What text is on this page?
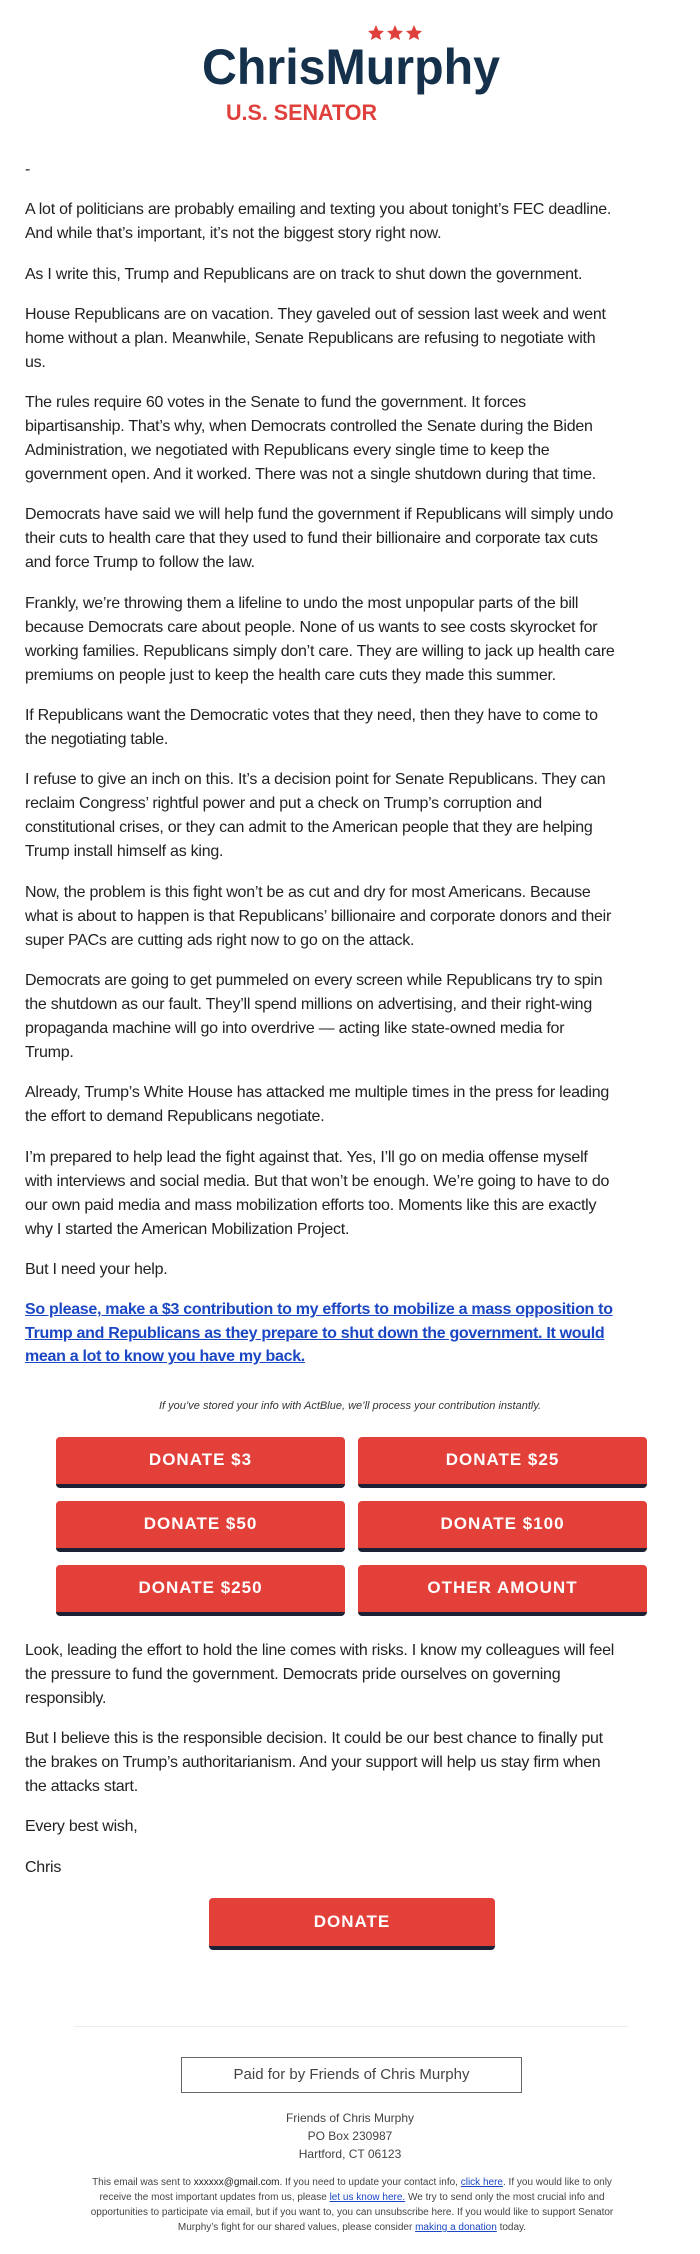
ChrisMurphy
U.S. SENATOR

-

A lot of politicians are probably emailing and texting you about tonight’s FEC deadline.
And while that’s important, it’s not the biggest story right now.

As I write this, Trump and Republicans are on track to shut down the government.

House Republicans are on vacation. They gaveled out of session last week and went
home without a plan. Meanwhile, Senate Republicans are refusing to negotiate with
us.

The rules require 60 votes in the Senate to fund the government. It forces
bipartisanship. That’s why, when Democrats controlled the Senate during the Biden
Administration, we negotiated with Republicans every single time to keep the
government open. And it worked. There was not a single shutdown during that time.

Democrats have said we will help fund the government if Republicans will simply undo
their cuts to health care that they used to fund their billionaire and corporate tax cuts
and force Trump to follow the law.

Frankly, we’re throwing them a lifeline to undo the most unpopular parts of the bill
because Democrats care about people. None of us wants to see costs skyrocket for
working families. Republicans simply don’t care. They are willing to jack up health care
premiums on people just to keep the health care cuts they made this summer.

If Republicans want the Democratic votes that they need, then they have to come to
the negotiating table.

I refuse to give an inch on this. It’s a decision point for Senate Republicans. They can
reclaim Congress’ rightful power and put a check on Trump’s corruption and
constitutional crises, or they can admit to the American people that they are helping
Trump install himself as king.

Now, the problem is this fight won’t be as cut and dry for most Americans. Because
what is about to happen is that Republicans’ billionaire and corporate donors and their
super PACs are cutting ads right now to go on the attack.

Democrats are going to get pummeled on every screen while Republicans try to spin
the shutdown as our fault. They’ll spend millions on advertising, and their right-wing
propaganda machine will go into overdrive — acting like state-owned media for
Trump.

Already, Trump’s White House has attacked me multiple times in the press for leading
the effort to demand Republicans negotiate.

I’m prepared to help lead the fight against that. Yes, I’ll go on media offense myself
with interviews and social media. But that won’t be enough. We’re going to have to do
our own paid media and mass mobilization efforts too. Moments like this are exactly
why I started the American Mobilization Project.

But I need your help.

So please, make a $3 contribution to my efforts to mobilize a mass opposition to
Trump and Republicans as they prepare to shut down the government. It would
mean a lot to know you have my back.

If you’ve stored your info with ActBlue, we’ll process your contribution instantly.
DONATE $3	DONATE $25
DONATE $50	DONATE $100
DONATE $250	OTHER AMOUNT

Look, leading the effort to hold the line comes with risks. I know my colleagues will feel
the pressure to fund the government. Democrats pride ourselves on governing
responsibly.

But I believe this is the responsible decision. It could be our best chance to finally put
the brakes on Trump’s authoritarianism. And your support will help us stay firm when
the attacks start.

Every best wish,

Chris

DONATE
Paid for by Friends of Chris Murphy
Friends of Chris Murphy
PO Box 230987
Hartford, CT 06123
This email was sent to xxxxxx@gmail.com. If you need to update your contact info, click here. If you would like to only receive the most important updates from us, please let us know here. We try to send only the most crucial info and opportunities to participate via email, but if you want to, you can unsubscribe here. If you would like to support Senator Murphy’s fight for our shared values, please consider making a donation today.
